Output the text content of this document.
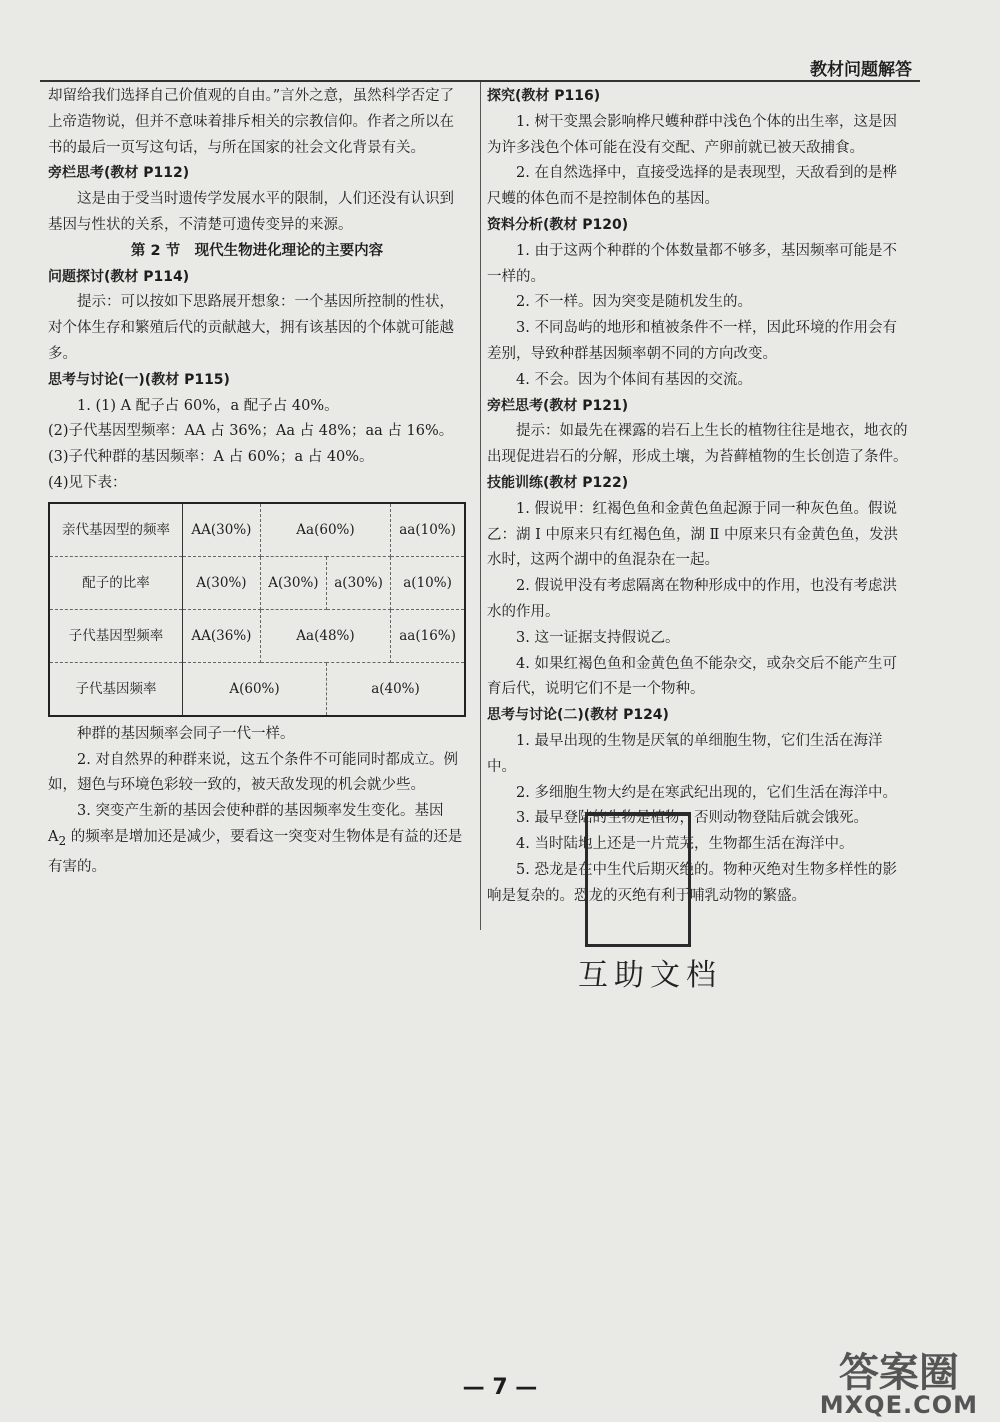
教材问题解答

却留给我们选择自己价值观的自由。”言外之意，虽然科学否定了上帝造物说，但并不意味着排斥相关的宗教信仰。作者之所以在书的最后一页写这句话，与所在国家的社会文化背景有关。

旁栏思考(教材 P112)

这是由于受当时遗传学发展水平的限制，人们还没有认识到基因与性状的关系，不清楚可遗传变异的来源。

第 2 节　现代生物进化理论的主要内容

问题探讨(教材 P114)

提示：可以按如下思路展开想象：一个基因所控制的性状，对个体生存和繁殖后代的贡献越大，拥有该基因的个体就可能越多。

思考与讨论(一)(教材 P115)

1. (1) A 配子占 60%，a 配子占 40%。

(2)子代基因型频率：AA 占 36%；Aa 占 48%；aa 占 16%。

(3)子代种群的基因频率：A 占 60%；a 占 40%。

(4)见下表：

亲代基因型的频率	AA(30%)	Aa(60%)		aa(10%)
配子的比率	A(30%)	A(30%)	a(30%)	a(10%)
子代基因型频率	AA(36%)	Aa(48%)		aa(16%)
子代基因频率	A(60%)		a(40%)	

种群的基因频率会同子一代一样。

2. 对自然界的种群来说，这五个条件不可能同时都成立。例如，翅色与环境色彩较一致的，被天敌发现的机会就少些。

3. 突变产生新的基因会使种群的基因频率发生变化。基因 $A_2$ 的频率是增加还是减少，要看这一突变对生物体是有益的还是有害的。

探究(教材 P116)

1. 树干变黑会影响桦尺蠖种群中浅色个体的出生率，这是因为许多浅色个体可能在没有交配、产卵前就已被天敌捕食。

2. 在自然选择中，直接受选择的是表现型，天敌看到的是桦尺蠖的体色而不是控制体色的基因。

资料分析(教材 P120)

1. 由于这两个种群的个体数量都不够多，基因频率可能是不一样的。

2. 不一样。因为突变是随机发生的。

3. 不同岛屿的地形和植被条件不一样，因此环境的作用会有差别，导致种群基因频率朝不同的方向改变。

4. 不会。因为个体间有基因的交流。

旁栏思考(教材 P121)

提示：如最先在裸露的岩石上生长的植物往往是地衣，地衣的出现促进岩石的分解，形成土壤，为苔藓植物的生长创造了条件。

技能训练(教材 P122)

1. 假说甲：红褐色鱼和金黄色鱼起源于同一种灰色鱼。假说乙：湖 Ⅰ 中原来只有红褐色鱼，湖 Ⅱ 中原来只有金黄色鱼，发洪水时，这两个湖中的鱼混杂在一起。

2. 假说甲没有考虑隔离在物种形成中的作用，也没有考虑洪水的作用。

3. 这一证据支持假说乙。

4. 如果红褐色鱼和金黄色鱼不能杂交，或杂交后不能产生可育后代，说明它们不是一个物种。

思考与讨论(二)(教材 P124)

1. 最早出现的生物是厌氧的单细胞生物，它们生活在海洋中。

2. 多细胞生物大约是在寒武纪出现的，它们生活在海洋中。

3. 最早登陆的生物是植物，否则动物登陆后就会饿死。

4. 当时陆地上还是一片荒芜，生物都生活在海洋中。

5. 恐龙是在中生代后期灭绝的。物种灭绝对生物多样性的影响是复杂的。恐龙的灭绝有利于哺乳动物的繁盛。

互助文档
— 7 —	答案圈
MXQE.COM
